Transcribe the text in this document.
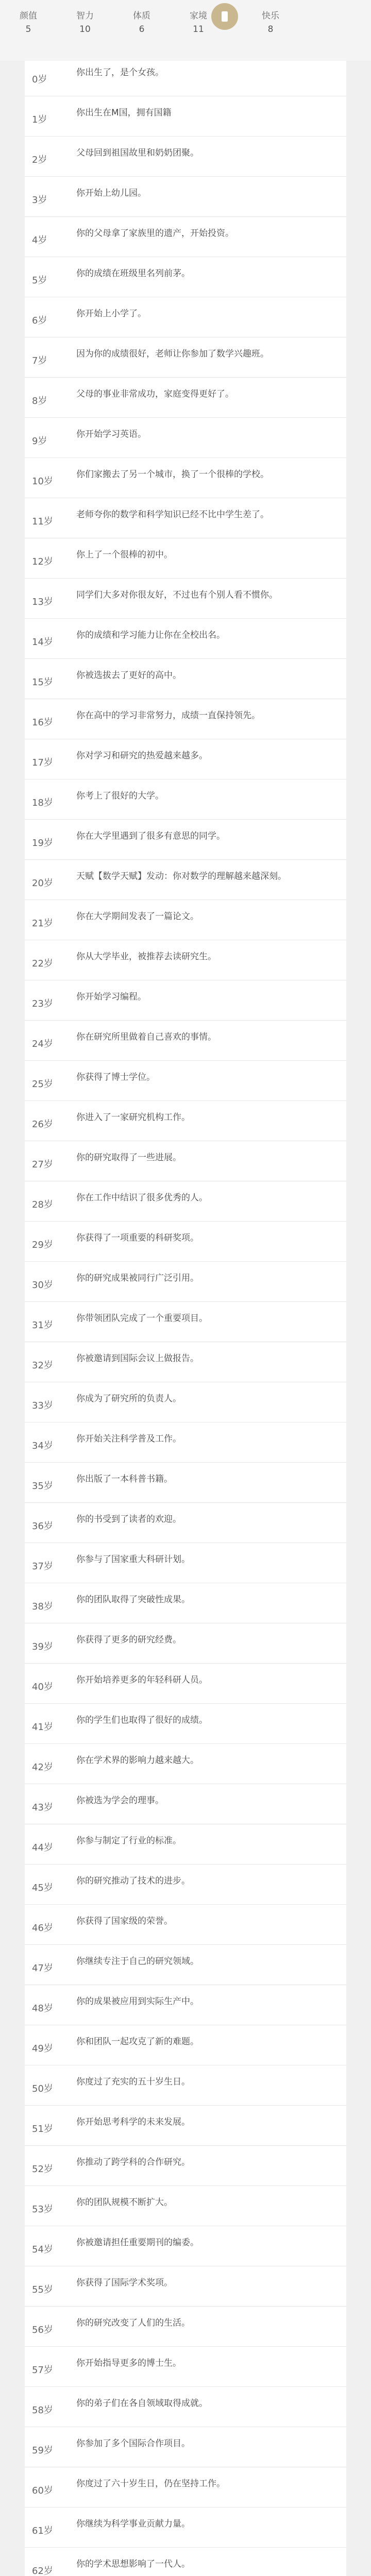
颜值
5
智力
10
体质
6
家境
11
快乐
8
0岁
你出生了，是个女孩。
1岁
你出生在M国，拥有国籍
2岁
父母回到祖国故里和奶奶团聚。
3岁
你开始上幼儿园。
4岁
你的父母拿了家族里的遗产，开始投资。
5岁
你的成绩在班级里名列前茅。
6岁
你开始上小学了。
7岁
因为你的成绩很好，老师让你参加了数学兴趣班。
8岁
父母的事业非常成功，家庭变得更好了。
9岁
你开始学习英语。
10岁
你们家搬去了另一个城市，换了一个很棒的学校。
11岁
老师夸你的数学和科学知识已经不比中学生差了。
12岁
你上了一个很棒的初中。
13岁
同学们大多对你很友好，不过也有个别人看不惯你。
14岁
你的成绩和学习能力让你在全校出名。
15岁
你被选拔去了更好的高中。
16岁
你在高中的学习非常努力，成绩一直保持领先。
17岁
你对学习和研究的热爱越来越多。
18岁
你考上了很好的大学。
19岁
你在大学里遇到了很多有意思的同学。
20岁
天赋【数学天赋】发动：你对数学的理解越来越深刻。
21岁
你在大学期间发表了一篇论文。
22岁
你从大学毕业，被推荐去读研究生。
23岁
你开始学习编程。
24岁
你在研究所里做着自己喜欢的事情。
25岁
你获得了博士学位。
26岁
你进入了一家研究机构工作。
27岁
你的研究取得了一些进展。
28岁
你在工作中结识了很多优秀的人。
29岁
你获得了一项重要的科研奖项。
30岁
你的研究成果被同行广泛引用。
31岁
你带领团队完成了一个重要项目。
32岁
你被邀请到国际会议上做报告。
33岁
你成为了研究所的负责人。
34岁
你开始关注科学普及工作。
35岁
你出版了一本科普书籍。
36岁
你的书受到了读者的欢迎。
37岁
你参与了国家重大科研计划。
38岁
你的团队取得了突破性成果。
39岁
你获得了更多的研究经费。
40岁
你开始培养更多的年轻科研人员。
41岁
你的学生们也取得了很好的成绩。
42岁
你在学术界的影响力越来越大。
43岁
你被选为学会的理事。
44岁
你参与制定了行业的标准。
45岁
你的研究推动了技术的进步。
46岁
你获得了国家级的荣誉。
47岁
你继续专注于自己的研究领域。
48岁
你的成果被应用到实际生产中。
49岁
你和团队一起攻克了新的难题。
50岁
你度过了充实的五十岁生日。
51岁
你开始思考科学的未来发展。
52岁
你推动了跨学科的合作研究。
53岁
你的团队规模不断扩大。
54岁
你被邀请担任重要期刊的编委。
55岁
你获得了国际学术奖项。
56岁
你的研究改变了人们的生活。
57岁
你开始指导更多的博士生。
58岁
你的弟子们在各自领域取得成就。
59岁
你参加了多个国际合作项目。
60岁
你度过了六十岁生日，仍在坚持工作。
61岁
你继续为科学事业贡献力量。
62岁
你的学术思想影响了一代人。
